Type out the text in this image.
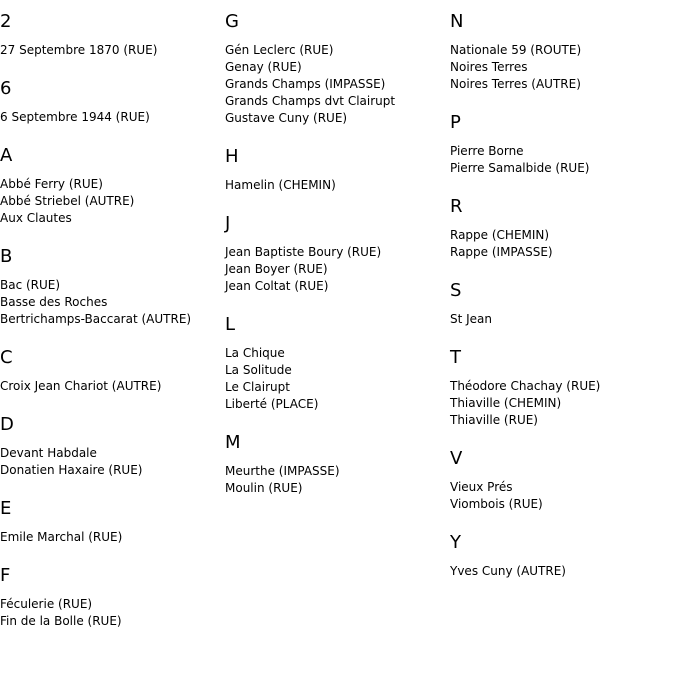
2
27 Septembre 1870 (RUE)
6
6 Septembre 1944 (RUE)
A
Abbé Ferry (RUE)
Abbé Striebel (AUTRE)
Aux Clautes
B
Bac (RUE)
Basse des Roches
Bertrichamps-Baccarat (AUTRE)
C
Croix Jean Chariot (AUTRE)
D
Devant Habdale
Donatien Haxaire (RUE)
E
Emile Marchal (RUE)
F
Féculerie (RUE)
Fin de la Bolle (RUE)
G
Gén Leclerc (RUE)
Genay (RUE)
Grands Champs (IMPASSE)
Grands Champs dvt Clairupt
Gustave Cuny (RUE)
H
Hamelin (CHEMIN)
J
Jean Baptiste Boury (RUE)
Jean Boyer (RUE)
Jean Coltat (RUE)
L
La Chique
La Solitude
Le Clairupt
Liberté (PLACE)
M
Meurthe (IMPASSE)
Moulin (RUE)
N
Nationale 59 (ROUTE)
Noires Terres
Noires Terres (AUTRE)
P
Pierre Borne
Pierre Samalbide (RUE)
R
Rappe (CHEMIN)
Rappe (IMPASSE)
S
St Jean
T
Théodore Chachay (RUE)
Thiaville (CHEMIN)
Thiaville (RUE)
V
Vieux Prés
Viombois (RUE)
Y
Yves Cuny (AUTRE)
